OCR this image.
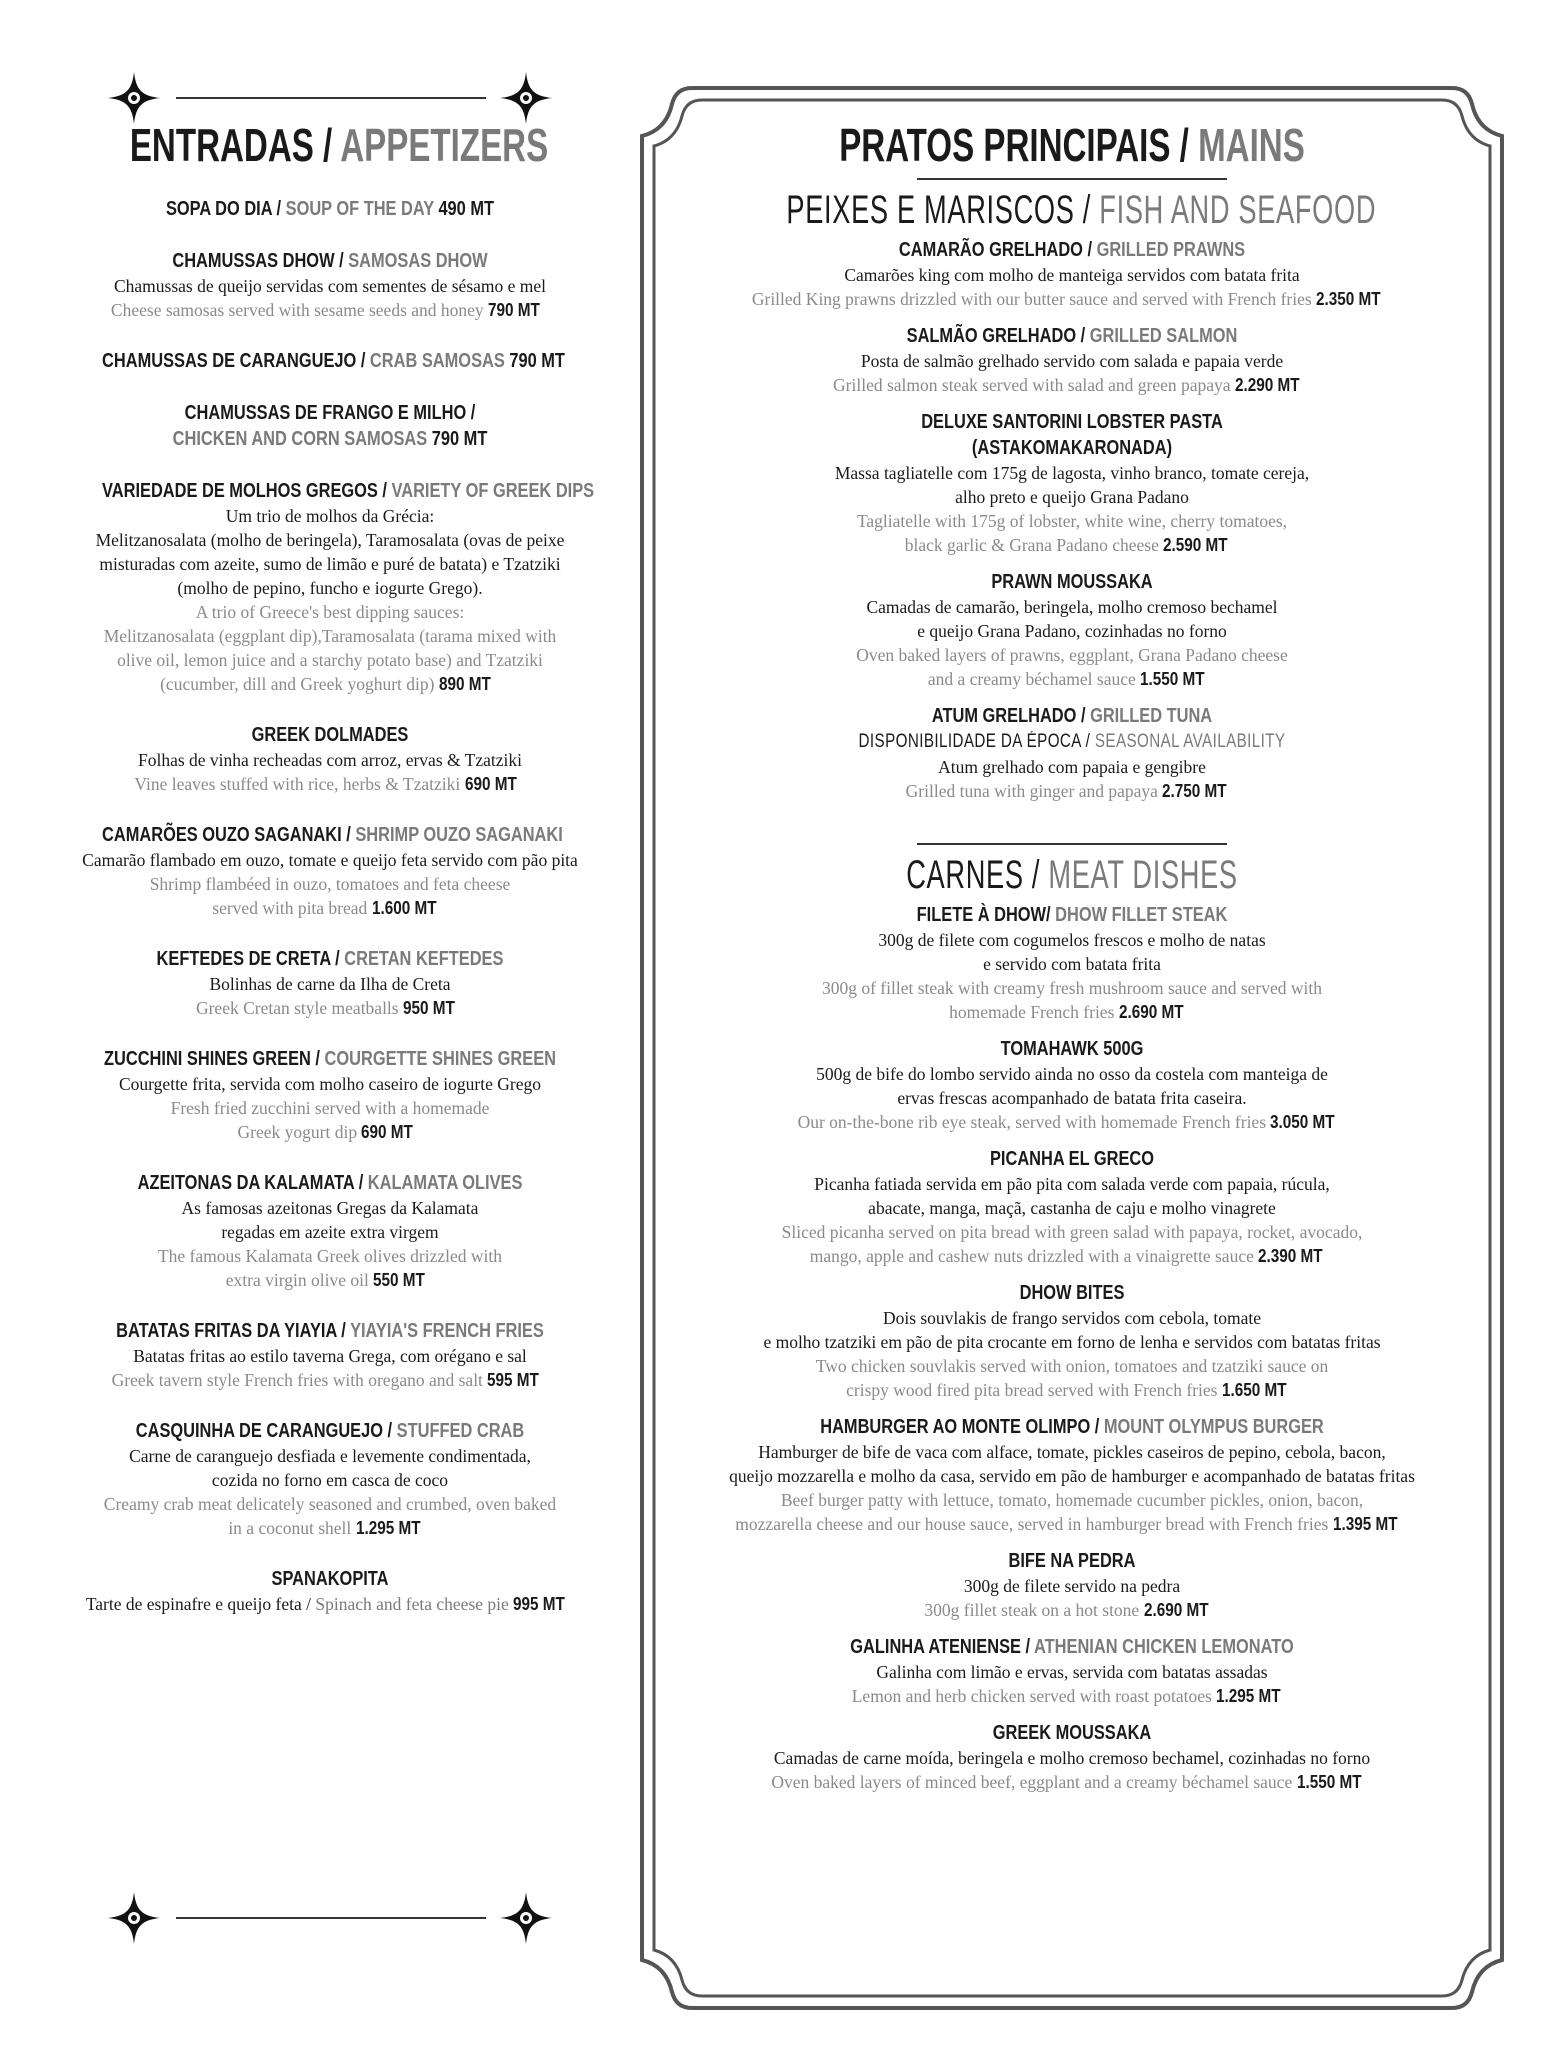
ENTRADAS / APPETIZERS
SOPA DO DIA / SOUP OF THE DAY 490 MT
CHAMUSSAS DHOW / SAMOSAS DHOW
Chamussas de queijo servidas com sementes de sésamo e mel
Cheese samosas served with sesame seeds and honey 790 MT
CHAMUSSAS DE CARANGUEJO / CRAB SAMOSAS 790 MT
CHAMUSSAS DE FRANGO E MILHO /
CHICKEN AND CORN SAMOSAS 790 MT
VARIEDADE DE MOLHOS GREGOS / VARIETY OF GREEK DIPS
Um trio de molhos da Grécia:
Melitzanosalata (molho de beringela), Taramosalata (ovas de peixe
misturadas com azeite, sumo de limão e puré de batata) e Tzatziki
(molho de pepino, funcho e iogurte Grego).
A trio of Greece's best dipping sauces:
Melitzanosalata (eggplant dip),Taramosalata (tarama mixed with
olive oil, lemon juice and a starchy potato base) and Tzatziki
(cucumber, dill and Greek yoghurt dip) 890 MT
GREEK DOLMADES
Folhas de vinha recheadas com arroz, ervas & Tzatziki
Vine leaves stuffed with rice, herbs & Tzatziki 690 MT
CAMARÕES OUZO SAGANAKI / SHRIMP OUZO SAGANAKI
Camarão flambado em ouzo, tomate e queijo feta servido com pão pita
Shrimp flambéed in ouzo, tomatoes and feta cheese
served with pita bread 1.600 MT
KEFTEDES DE CRETA / CRETAN KEFTEDES
Bolinhas de carne da Ilha de Creta
Greek Cretan style meatballs 950 MT
ZUCCHINI SHINES GREEN / COURGETTE SHINES GREEN
Courgette frita, servida com molho caseiro de iogurte Grego
Fresh fried zucchini served with a homemade
Greek yogurt dip 690 MT
AZEITONAS DA KALAMATA / KALAMATA OLIVES
As famosas azeitonas Gregas da Kalamata
regadas em azeite extra virgem
The famous Kalamata Greek olives drizzled with
extra virgin olive oil 550 MT
BATATAS FRITAS DA YIAYIA / YIAYIA'S FRENCH FRIES
Batatas fritas ao estilo taverna Grega, com orégano e sal
Greek tavern style French fries with oregano and salt 595 MT
CASQUINHA DE CARANGUEJO / STUFFED CRAB
Carne de caranguejo desfiada e levemente condimentada,
cozida no forno em casca de coco
Creamy crab meat delicately seasoned and crumbed, oven baked
in a coconut shell 1.295 MT
SPANAKOPITA
Tarte de espinafre e queijo feta / Spinach and feta cheese pie 995 MT
PRATOS PRINCIPAIS / MAINS
PEIXES E MARISCOS / FISH AND SEAFOOD
CAMARÃO GRELHADO / GRILLED PRAWNS
Camarões king com molho de manteiga servidos com batata frita
Grilled King prawns drizzled with our butter sauce and served with French fries 2.350 MT
SALMÃO GRELHADO / GRILLED SALMON
Posta de salmão grelhado servido com salada e papaia verde
Grilled salmon steak served with salad and green papaya 2.290 MT
DELUXE SANTORINI LOBSTER PASTA
(ASTAKOMAKARONADA)
Massa tagliatelle com 175g de lagosta, vinho branco, tomate cereja,
alho preto e queijo Grana Padano
Tagliatelle with 175g of lobster, white wine, cherry tomatoes,
black garlic & Grana Padano cheese 2.590 MT
PRAWN MOUSSAKA
Camadas de camarão, beringela, molho cremoso bechamel
e queijo Grana Padano, cozinhadas no forno
Oven baked layers of prawns, eggplant, Grana Padano cheese
and a creamy béchamel sauce 1.550 MT
ATUM GRELHADO / GRILLED TUNA
DISPONIBILIDADE DA ÉPOCA / SEASONAL AVAILABILITY
Atum grelhado com papaia e gengibre
Grilled tuna with ginger and papaya 2.750 MT
CARNES / MEAT DISHES
FILETE À DHOW/ DHOW FILLET STEAK
300g de filete com cogumelos frescos e molho de natas
e servido com batata frita
300g of fillet steak with creamy fresh mushroom sauce and served with
homemade French fries 2.690 MT
TOMAHAWK 500G
500g de bife do lombo servido ainda no osso da costela com manteiga de
ervas frescas acompanhado de batata frita caseira.
Our on-the-bone rib eye steak, served with homemade French fries 3.050 MT
PICANHA EL GRECO
Picanha fatiada servida em pão pita com salada verde com papaia, rúcula,
abacate, manga, maçã, castanha de caju e molho vinagrete
Sliced picanha served on pita bread with green salad with papaya, rocket, avocado,
mango, apple and cashew nuts drizzled with a vinaigrette sauce 2.390 MT
DHOW BITES
Dois souvlakis de frango servidos com cebola, tomate
e molho tzatziki em pão de pita crocante em forno de lenha e servidos com batatas fritas
Two chicken souvlakis served with onion, tomatoes and tzatziki sauce on
crispy wood fired pita bread served with French fries 1.650 MT
HAMBURGER AO MONTE OLIMPO / MOUNT OLYMPUS BURGER
Hamburger de bife de vaca com alface, tomate, pickles caseiros de pepino, cebola, bacon,
queijo mozzarella e molho da casa, servido em pão de hamburger e acompanhado de batatas fritas
Beef burger patty with lettuce, tomato, homemade cucumber pickles, onion, bacon,
mozzarella cheese and our house sauce, served in hamburger bread with French fries 1.395 MT
BIFE NA PEDRA
300g de filete servido na pedra
300g fillet steak on a hot stone 2.690 MT
GALINHA ATENIENSE / ATHENIAN CHICKEN LEMONATO
Galinha com limão e ervas, servida com batatas assadas
Lemon and herb chicken served with roast potatoes 1.295 MT
GREEK MOUSSAKA
Camadas de carne moída, beringela e molho cremoso bechamel, cozinhadas no forno
Oven baked layers of minced beef, eggplant and a creamy béchamel sauce 1.550 MT
